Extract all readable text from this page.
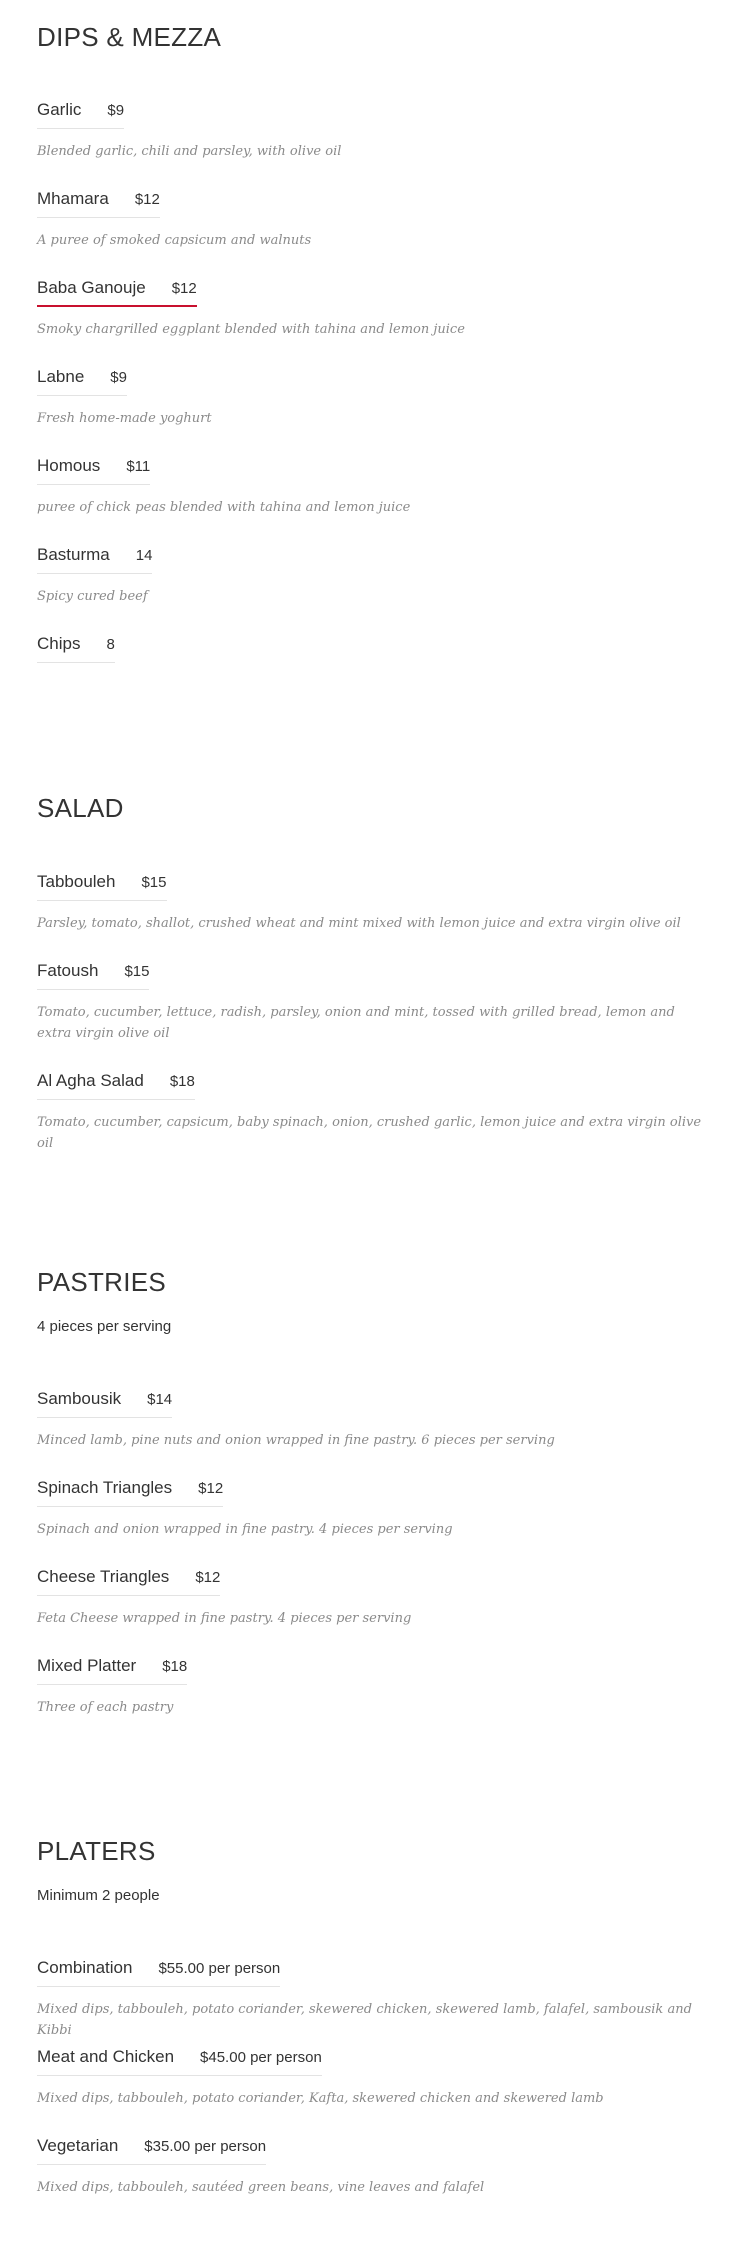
DIPS & MEZZA
Garlic $9

Blended garlic, chili and parsley, with olive oil

Mhamara $12

A puree of smoked capsicum and walnuts

Baba Ganouje $12

Smoky chargrilled eggplant blended with tahina and lemon juice

Labne $9

Fresh home-made yoghurt

Homous $11

puree of chick peas blended with tahina and lemon juice

Basturma 14

Spicy cured beef

Chips 8
SALAD
Tabbouleh $15

Parsley, tomato, shallot, crushed wheat and mint mixed with lemon juice and extra virgin olive oil

Fatoush $15

Tomato, cucumber, lettuce, radish, parsley, onion and mint, tossed with grilled bread, lemon and extra virgin olive oil

Al Agha Salad $18

Tomato, cucumber, capsicum, baby spinach, onion, crushed garlic, lemon juice and extra virgin olive oil

PASTRIES

4 pieces per serving

Sambousik $14

Minced lamb, pine nuts and onion wrapped in fine pastry. 6 pieces per serving

Spinach Triangles $12

Spinach and onion wrapped in fine pastry. 4 pieces per serving

Cheese Triangles $12

Feta Cheese wrapped in fine pastry. 4 pieces per serving

Mixed Platter $18

Three of each pastry

PLATERS

Minimum 2 people

Combination $55.00 per person

Mixed dips, tabbouleh, potato coriander, skewered chicken, skewered lamb, falafel, sambousik and Kibbi

Meat and Chicken $45.00 per person

Mixed dips, tabbouleh, potato coriander, Kafta, skewered chicken and skewered lamb

Vegetarian $35.00 per person

Mixed dips, tabbouleh, sautéed green beans, vine leaves and falafel
